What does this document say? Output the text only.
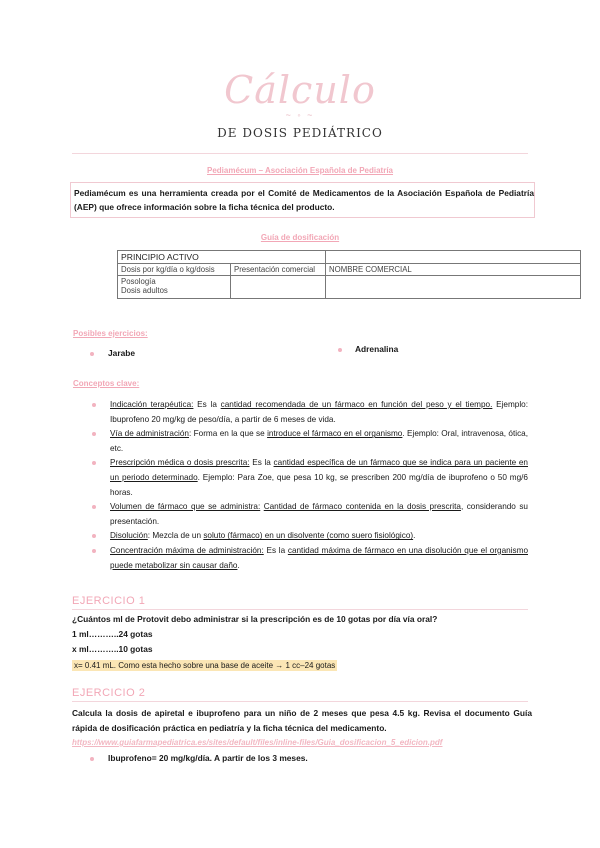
Cálculo
~ ◦ ~
DE DOSIS PEDIÁTRICO
Pediamécum – Asociación Española de Pediatría
Pediamécum es una herramienta creada por el Comité de Medicamentos de la Asociación Española de Pediatría (AEP) que ofrece información sobre la ficha técnica del producto.
Guía de dosificación
PRINCIPIO ACTIVO		
Dosis por kg/día o kg/dosis	Presentación comercial	NOMBRE COMERCIAL

Posología
Dosis adultos		

Posibles ejercicios:
Jarabe	Adrenalina
Conceptos clave:
Indicación terapéutica: Es la cantidad recomendada de un fármaco en función del peso y el tiempo. Ejemplo: Ibuprofeno 20 mg/kg de peso/día, a partir de 6 meses de vida.
Vía de administración: Forma en la que se introduce el fármaco en el organismo. Ejemplo: Oral, intravenosa, ótica, etc.
Prescripción médica o dosis prescrita: Es la cantidad específica de un fármaco que se indica para un paciente en un periodo determinado. Ejemplo: Para Zoe, que pesa 10 kg, se prescriben 200 mg/día de ibuprofeno o 50 mg/6 horas.
Volumen de fármaco que se administra: Cantidad de fármaco contenida en la dosis prescrita, considerando su presentación.
Disolución: Mezcla de un soluto (fármaco) en un disolvente (como suero fisiológico).
Concentración máxima de administración: Es la cantidad máxima de fármaco en una disolución que el organismo puede metabolizar sin causar daño.
EJERCICIO 1
¿Cuántos ml de Protovit debo administrar si la prescripción es de 10 gotas por día vía oral?
1 ml………..24 gotas
x ml………..10 gotas
x= 0.41 mL. Como esta hecho sobre una base de aceite → 1 cc–24 gotas
EJERCICIO 2
Calcula la dosis de apiretal e ibuprofeno para un niño de 2 meses que pesa 4.5 kg. Revisa el documento Guía rápida de dosificación práctica en pediatría y la ficha técnica del medicamento.
https://www.guiafarmapediatrica.es/sites/default/files/inline-files/Guia_dosificacion_5_edicion.pdf
Ibuprofeno= 20 mg/kg/día. A partir de los 3 meses.
